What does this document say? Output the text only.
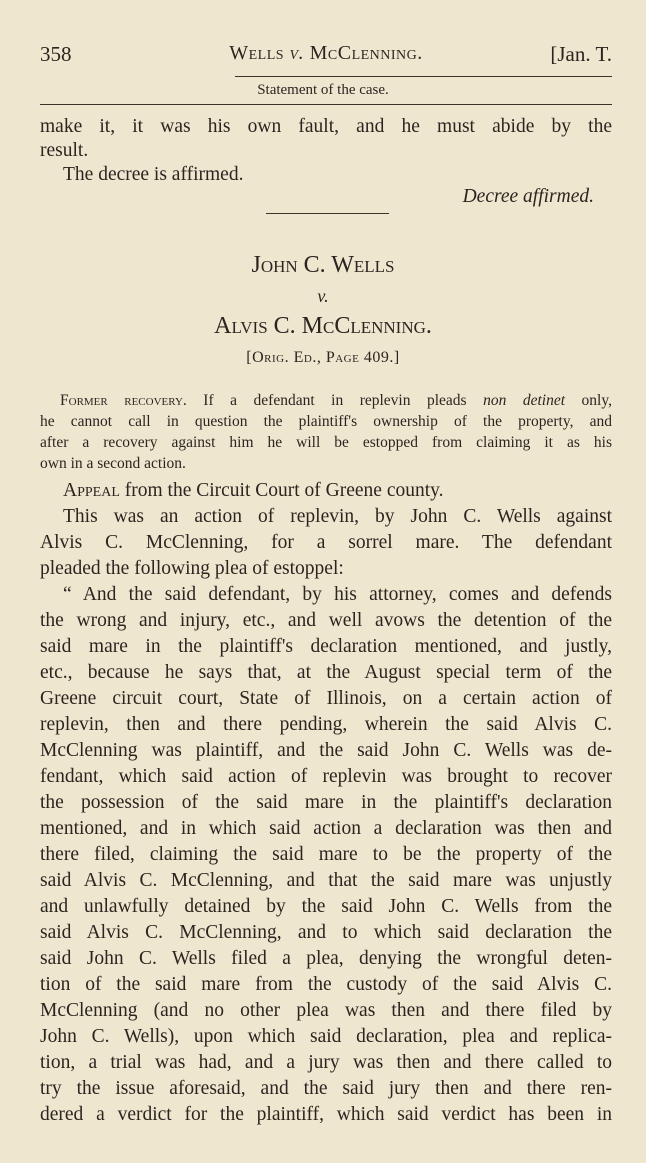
358	Wells v. McClenning.	[Jan. T.
Statement of the case.
make it, it was his own fault, and he must abide by the
result.
The decree is affirmed.
Decree affirmed.
John C. Wells
v.
Alvis C. McClenning.
[Orig. Ed., Page 409.]
Former recovery. If a defendant in replevin pleads non detinet only,
he cannot call in question the plaintiff's ownership of the property, and
after a recovery against him he will be estopped from claiming it as his
own in a second action.
Appeal from the Circuit Court of Greene county.
This was an action of replevin, by John C. Wells against
Alvis C. McClenning, for a sorrel mare. The defendant
pleaded the following plea of estoppel:
“ And the said defendant, by his attorney, comes and defends
the wrong and injury, etc., and well avows the detention of the
said mare in the plaintiff's declaration mentioned, and justly,
etc., because he says that, at the August special term of the
Greene circuit court, State of Illinois, on a certain action of
replevin, then and there pending, wherein the said Alvis C.
McClenning was plaintiff, and the said John C. Wells was de-
fendant, which said action of replevin was brought to recover
the possession of the said mare in the plaintiff's declaration
mentioned, and in which said action a declaration was then and
there filed, claiming the said mare to be the property of the
said Alvis C. McClenning, and that the said mare was unjustly
and unlawfully detained by the said John C. Wells from the
said Alvis C. McClenning, and to which said declaration the
said John C. Wells filed a plea, denying the wrongful deten-
tion of the said mare from the custody of the said Alvis C.
McClenning (and no other plea was then and there filed by
John C. Wells), upon which said declaration, plea and replica-
tion, a trial was had, and a jury was then and there called to
try the issue aforesaid, and the said jury then and there ren-
dered a verdict for the plaintiff, which said verdict has been in
